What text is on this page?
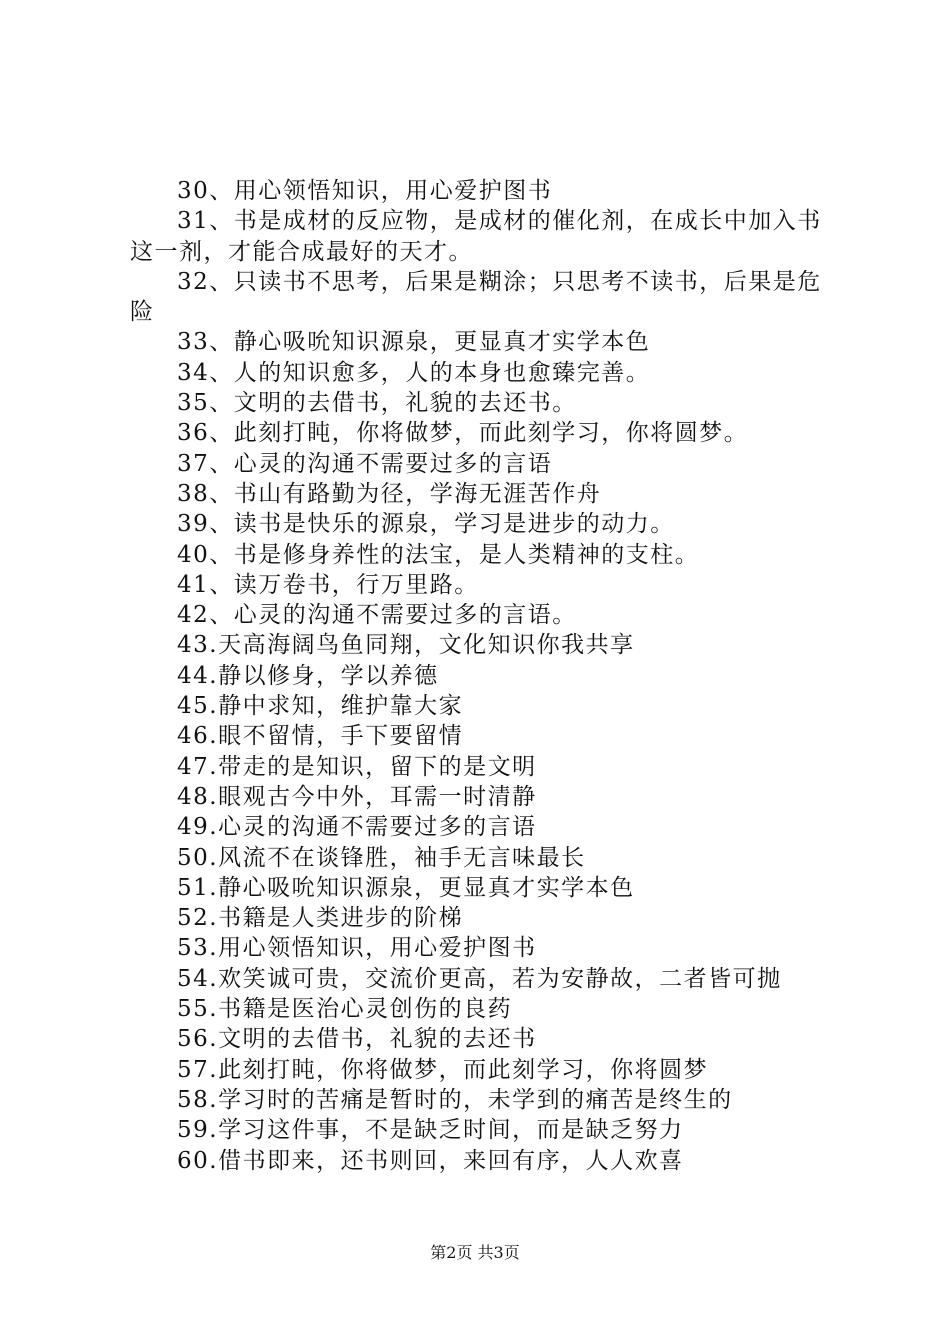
30、用心领悟知识，用心爱护图书

31、书是成材的反应物，是成材的催化剂，在成长中加入书这一剂，才能合成最好的天才。

32、只读书不思考，后果是糊涂；只思考不读书，后果是危险

33、静心吸吮知识源泉，更显真才实学本色

34、人的知识愈多，人的本身也愈臻完善。

35、文明的去借书，礼貌的去还书。

36、此刻打盹，你将做梦，而此刻学习，你将圆梦。

37、心灵的沟通不需要过多的言语

38、书山有路勤为径，学海无涯苦作舟

39、读书是快乐的源泉，学习是进步的动力。

40、书是修身养性的法宝，是人类精神的支柱。

41、读万卷书，行万里路。

42、心灵的沟通不需要过多的言语。

43.天高海阔鸟鱼同翔，文化知识你我共享

44.静以修身，学以养德

45.静中求知，维护靠大家

46.眼不留情，手下要留情

47.带走的是知识，留下的是文明

48.眼观古今中外，耳需一时清静

49.心灵的沟通不需要过多的言语

50.风流不在谈锋胜，袖手无言味最长

51.静心吸吮知识源泉，更显真才实学本色

52.书籍是人类进步的阶梯

53.用心领悟知识，用心爱护图书

54.欢笑诚可贵，交流价更高，若为安静故，二者皆可抛

55.书籍是医治心灵创伤的良药

56.文明的去借书，礼貌的去还书

57.此刻打盹，你将做梦，而此刻学习，你将圆梦

58.学习时的苦痛是暂时的，未学到的痛苦是终生的

59.学习这件事，不是缺乏时间，而是缺乏努力

60.借书即来，还书则回，来回有序，人人欢喜

第2页 共3页
